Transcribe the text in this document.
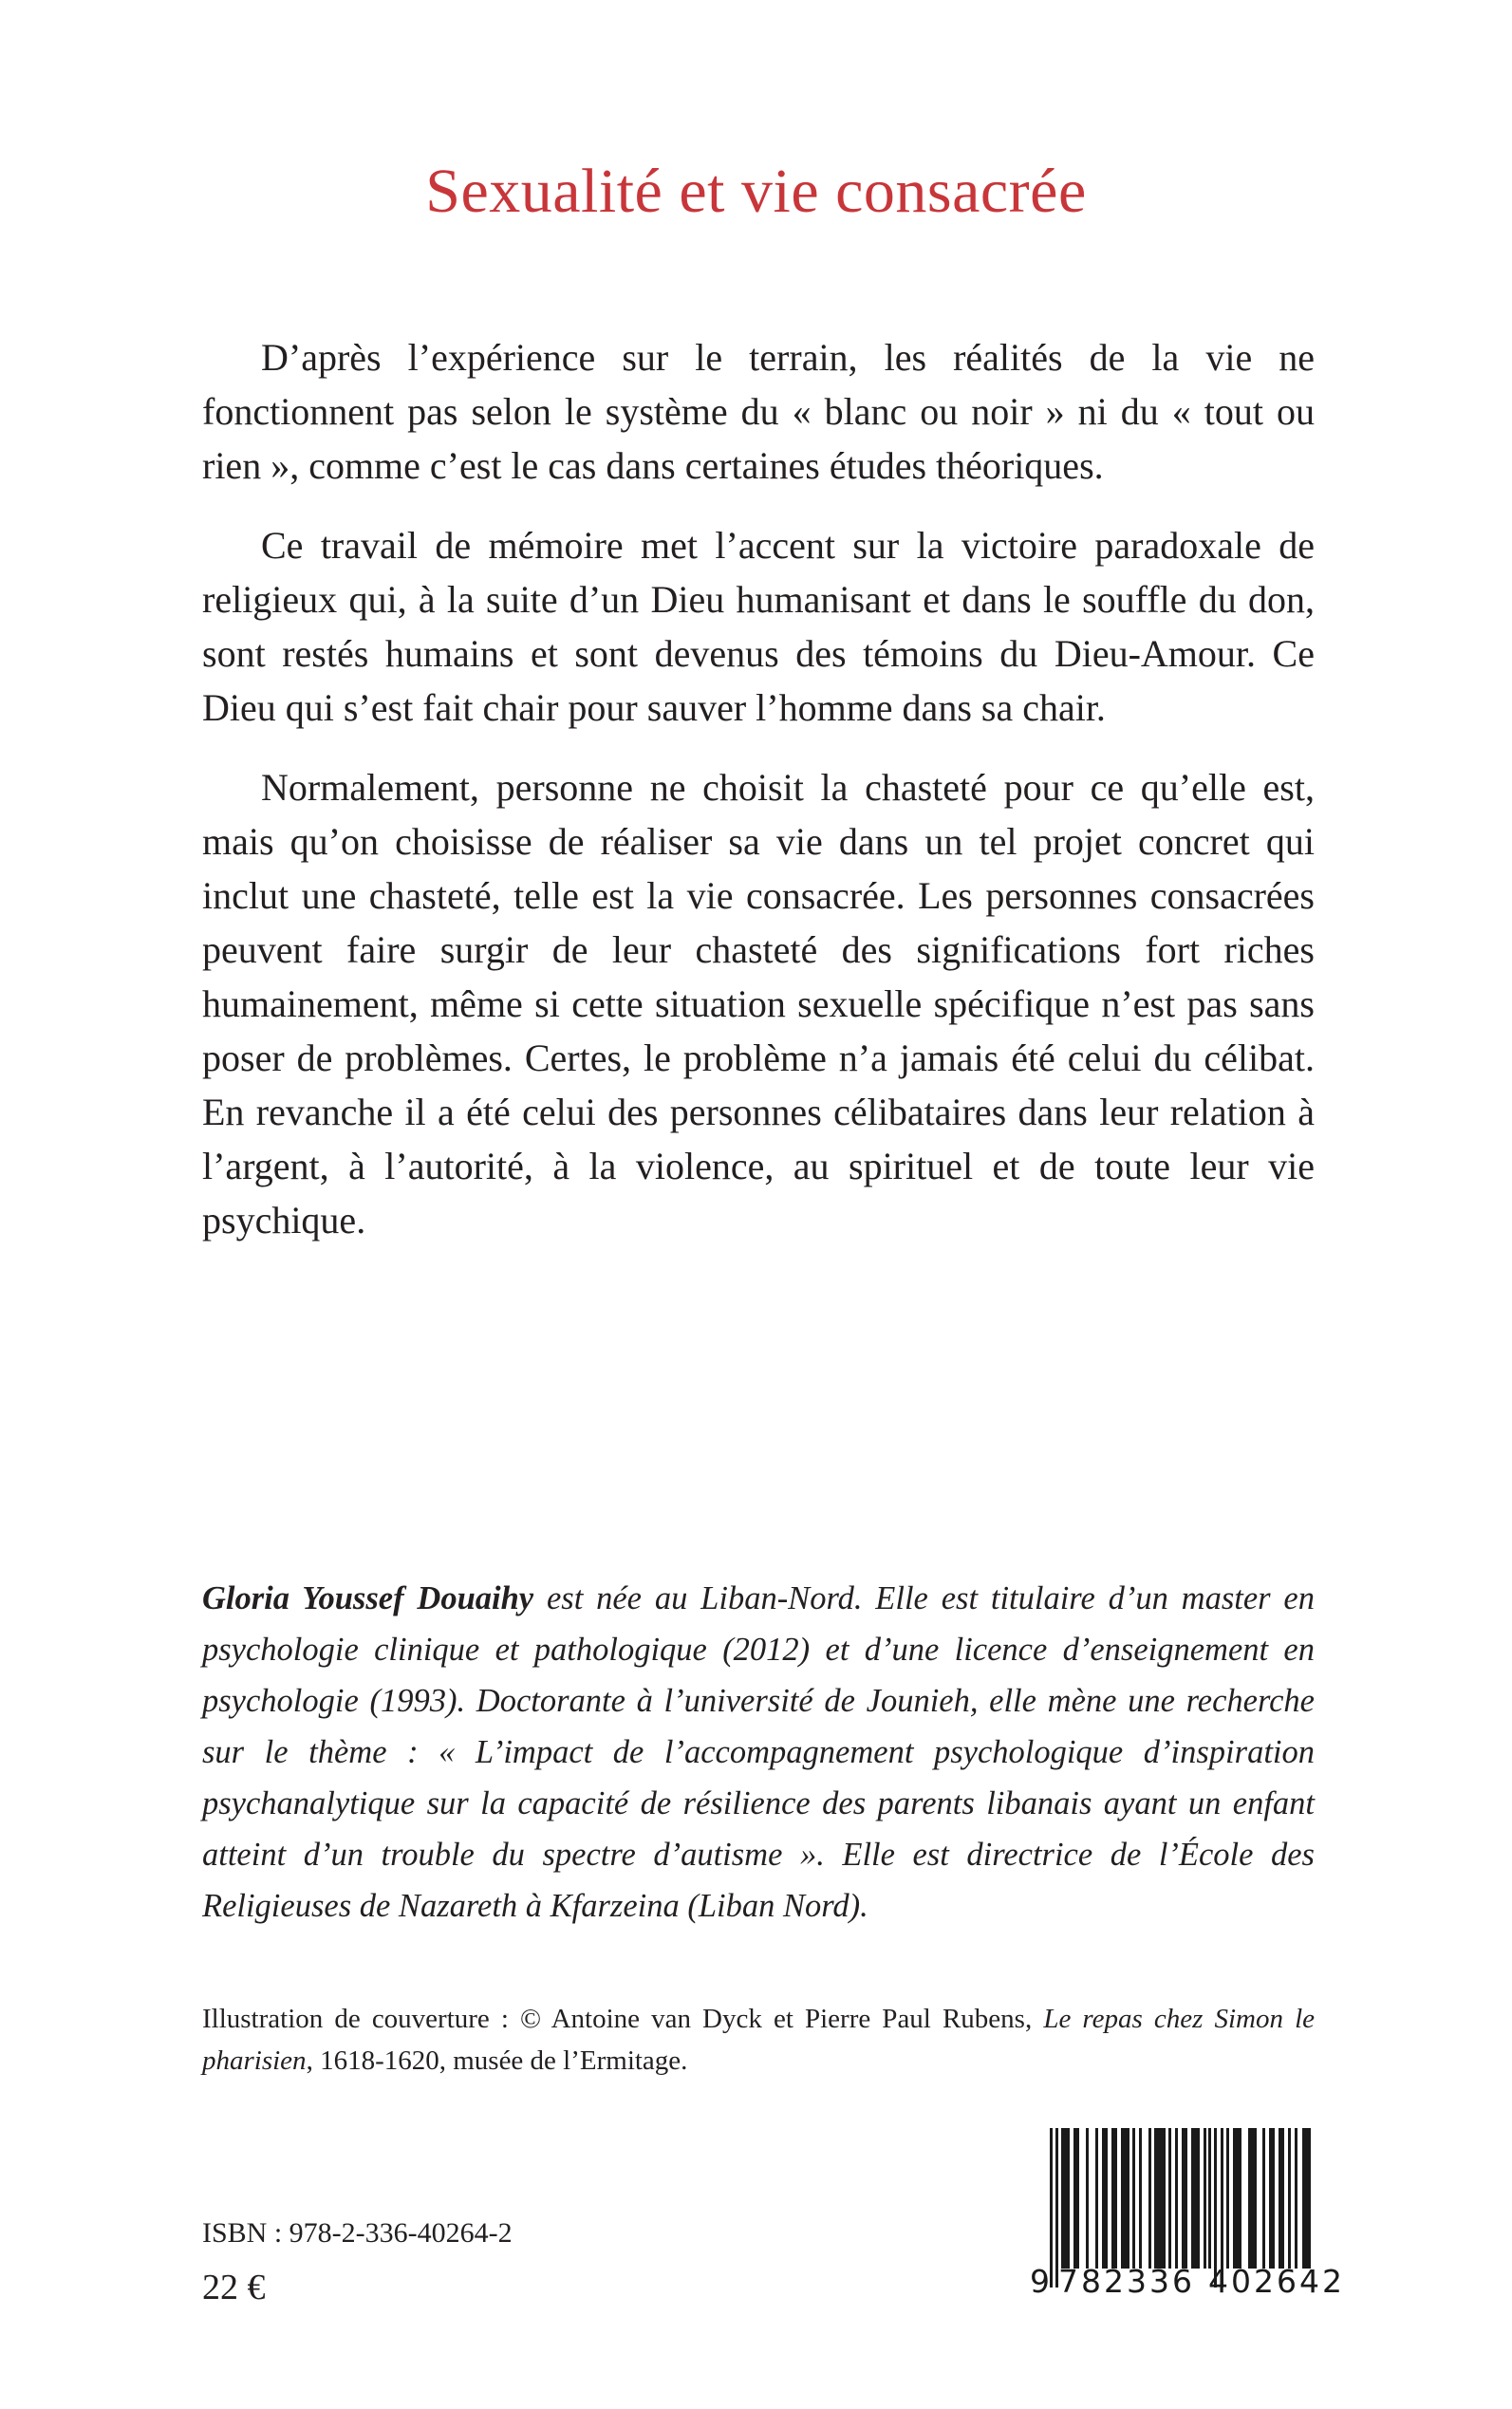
Sexualité et vie consacrée

D’après l’expérience sur le terrain, les réalités de la vie ne fonctionnent pas selon le système du « blanc ou noir » ni du « tout ou rien », comme c’est le cas dans certaines études théoriques.

Ce travail de mémoire met l’accent sur la victoire paradoxale de religieux qui, à la suite d’un Dieu humanisant et dans le souffle du don, sont restés humains et sont devenus des témoins du Dieu-Amour. Ce Dieu qui s’est fait chair pour sauver l’homme dans sa chair.

Normalement, personne ne choisit la chasteté pour ce qu’elle est, mais qu’on choisisse de réaliser sa vie dans un tel projet concret qui inclut une chasteté, telle est la vie consacrée. Les personnes consacrées peuvent faire surgir de leur chasteté des significations fort riches humainement, même si cette situation sexuelle spécifique n’est pas sans poser de problèmes. Certes, le problème n’a jamais été celui du célibat. En revanche il a été celui des personnes célibataires dans leur relation à l’argent, à l’autorité, à la violence, au spirituel et de toute leur vie psychique.

Gloria Youssef Douaihy est née au Liban-Nord. Elle est titulaire d’un master en psychologie clinique et pathologique (2012) et d’une licence d’enseignement en psychologie (1993). Doctorante à l’université de Jounieh, elle mène une recherche sur le thème : « L’impact de l’accompagnement psychologique d’inspiration psychanalytique sur la capacité de résilience des parents libanais ayant un enfant atteint d’un trouble du spectre d’autisme ». Elle est directrice de l’École des Religieuses de Nazareth à Kfarzeina (Liban Nord).
Illustration de couverture : © Antoine van Dyck et Pierre Paul Rubens, Le repas chez Simon le pharisien, 1618-1620, musée de l’Ermitage.
ISBN : 978-2-336-40264-2
22 €	9 782336 402642
